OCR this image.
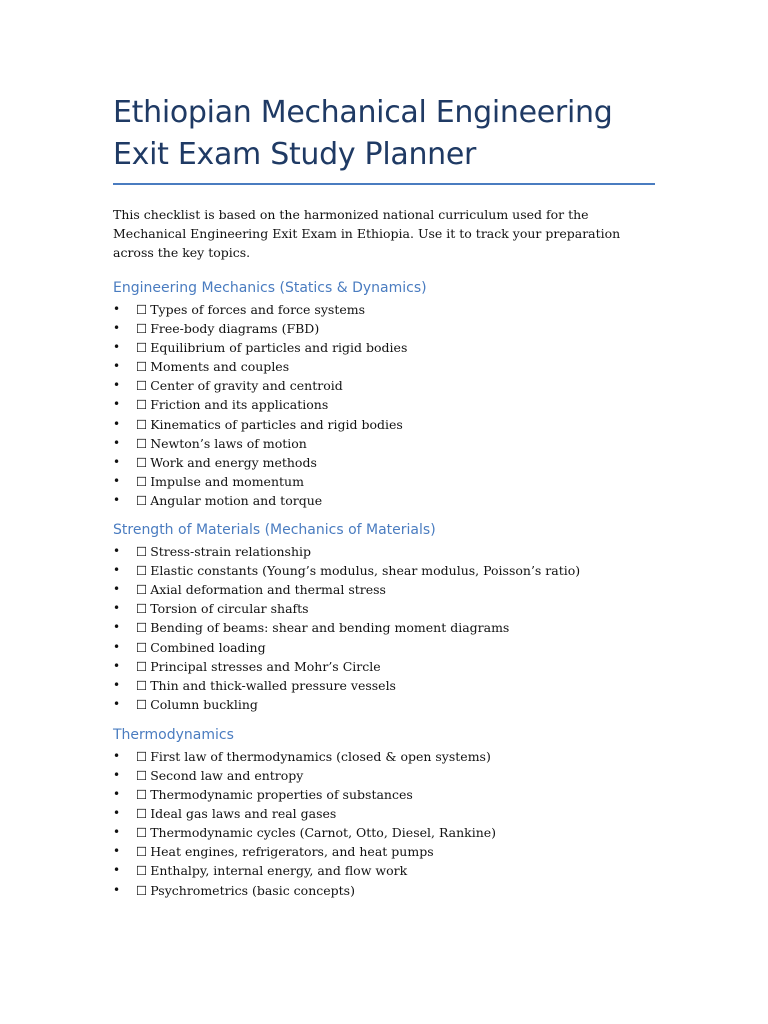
Ethiopian Mechanical Engineering Exit Exam Study Planner

This checklist is based on the harmonized national curriculum used for the Mechanical Engineering Exit Exam in Ethiopia. Use it to track your preparation across the key topics.

Engineering Mechanics (Statics & Dynamics)
• ☐ Types of forces and force systems
• ☐ Free-body diagrams (FBD)
• ☐ Equilibrium of particles and rigid bodies
• ☐ Moments and couples
• ☐ Center of gravity and centroid
• ☐ Friction and its applications
• ☐ Kinematics of particles and rigid bodies
• ☐ Newton’s laws of motion
• ☐ Work and energy methods
• ☐ Impulse and momentum
• ☐ Angular motion and torque
Strength of Materials (Mechanics of Materials)
• ☐ Stress-strain relationship
• ☐ Elastic constants (Young’s modulus, shear modulus, Poisson’s ratio)
• ☐ Axial deformation and thermal stress
• ☐ Torsion of circular shafts
• ☐ Bending of beams: shear and bending moment diagrams
• ☐ Combined loading
• ☐ Principal stresses and Mohr’s Circle
• ☐ Thin and thick-walled pressure vessels
• ☐ Column buckling
Thermodynamics
• ☐ First law of thermodynamics (closed & open systems)
• ☐ Second law and entropy
• ☐ Thermodynamic properties of substances
• ☐ Ideal gas laws and real gases
• ☐ Thermodynamic cycles (Carnot, Otto, Diesel, Rankine)
• ☐ Heat engines, refrigerators, and heat pumps
• ☐ Enthalpy, internal energy, and flow work
• ☐ Psychrometrics (basic concepts)
